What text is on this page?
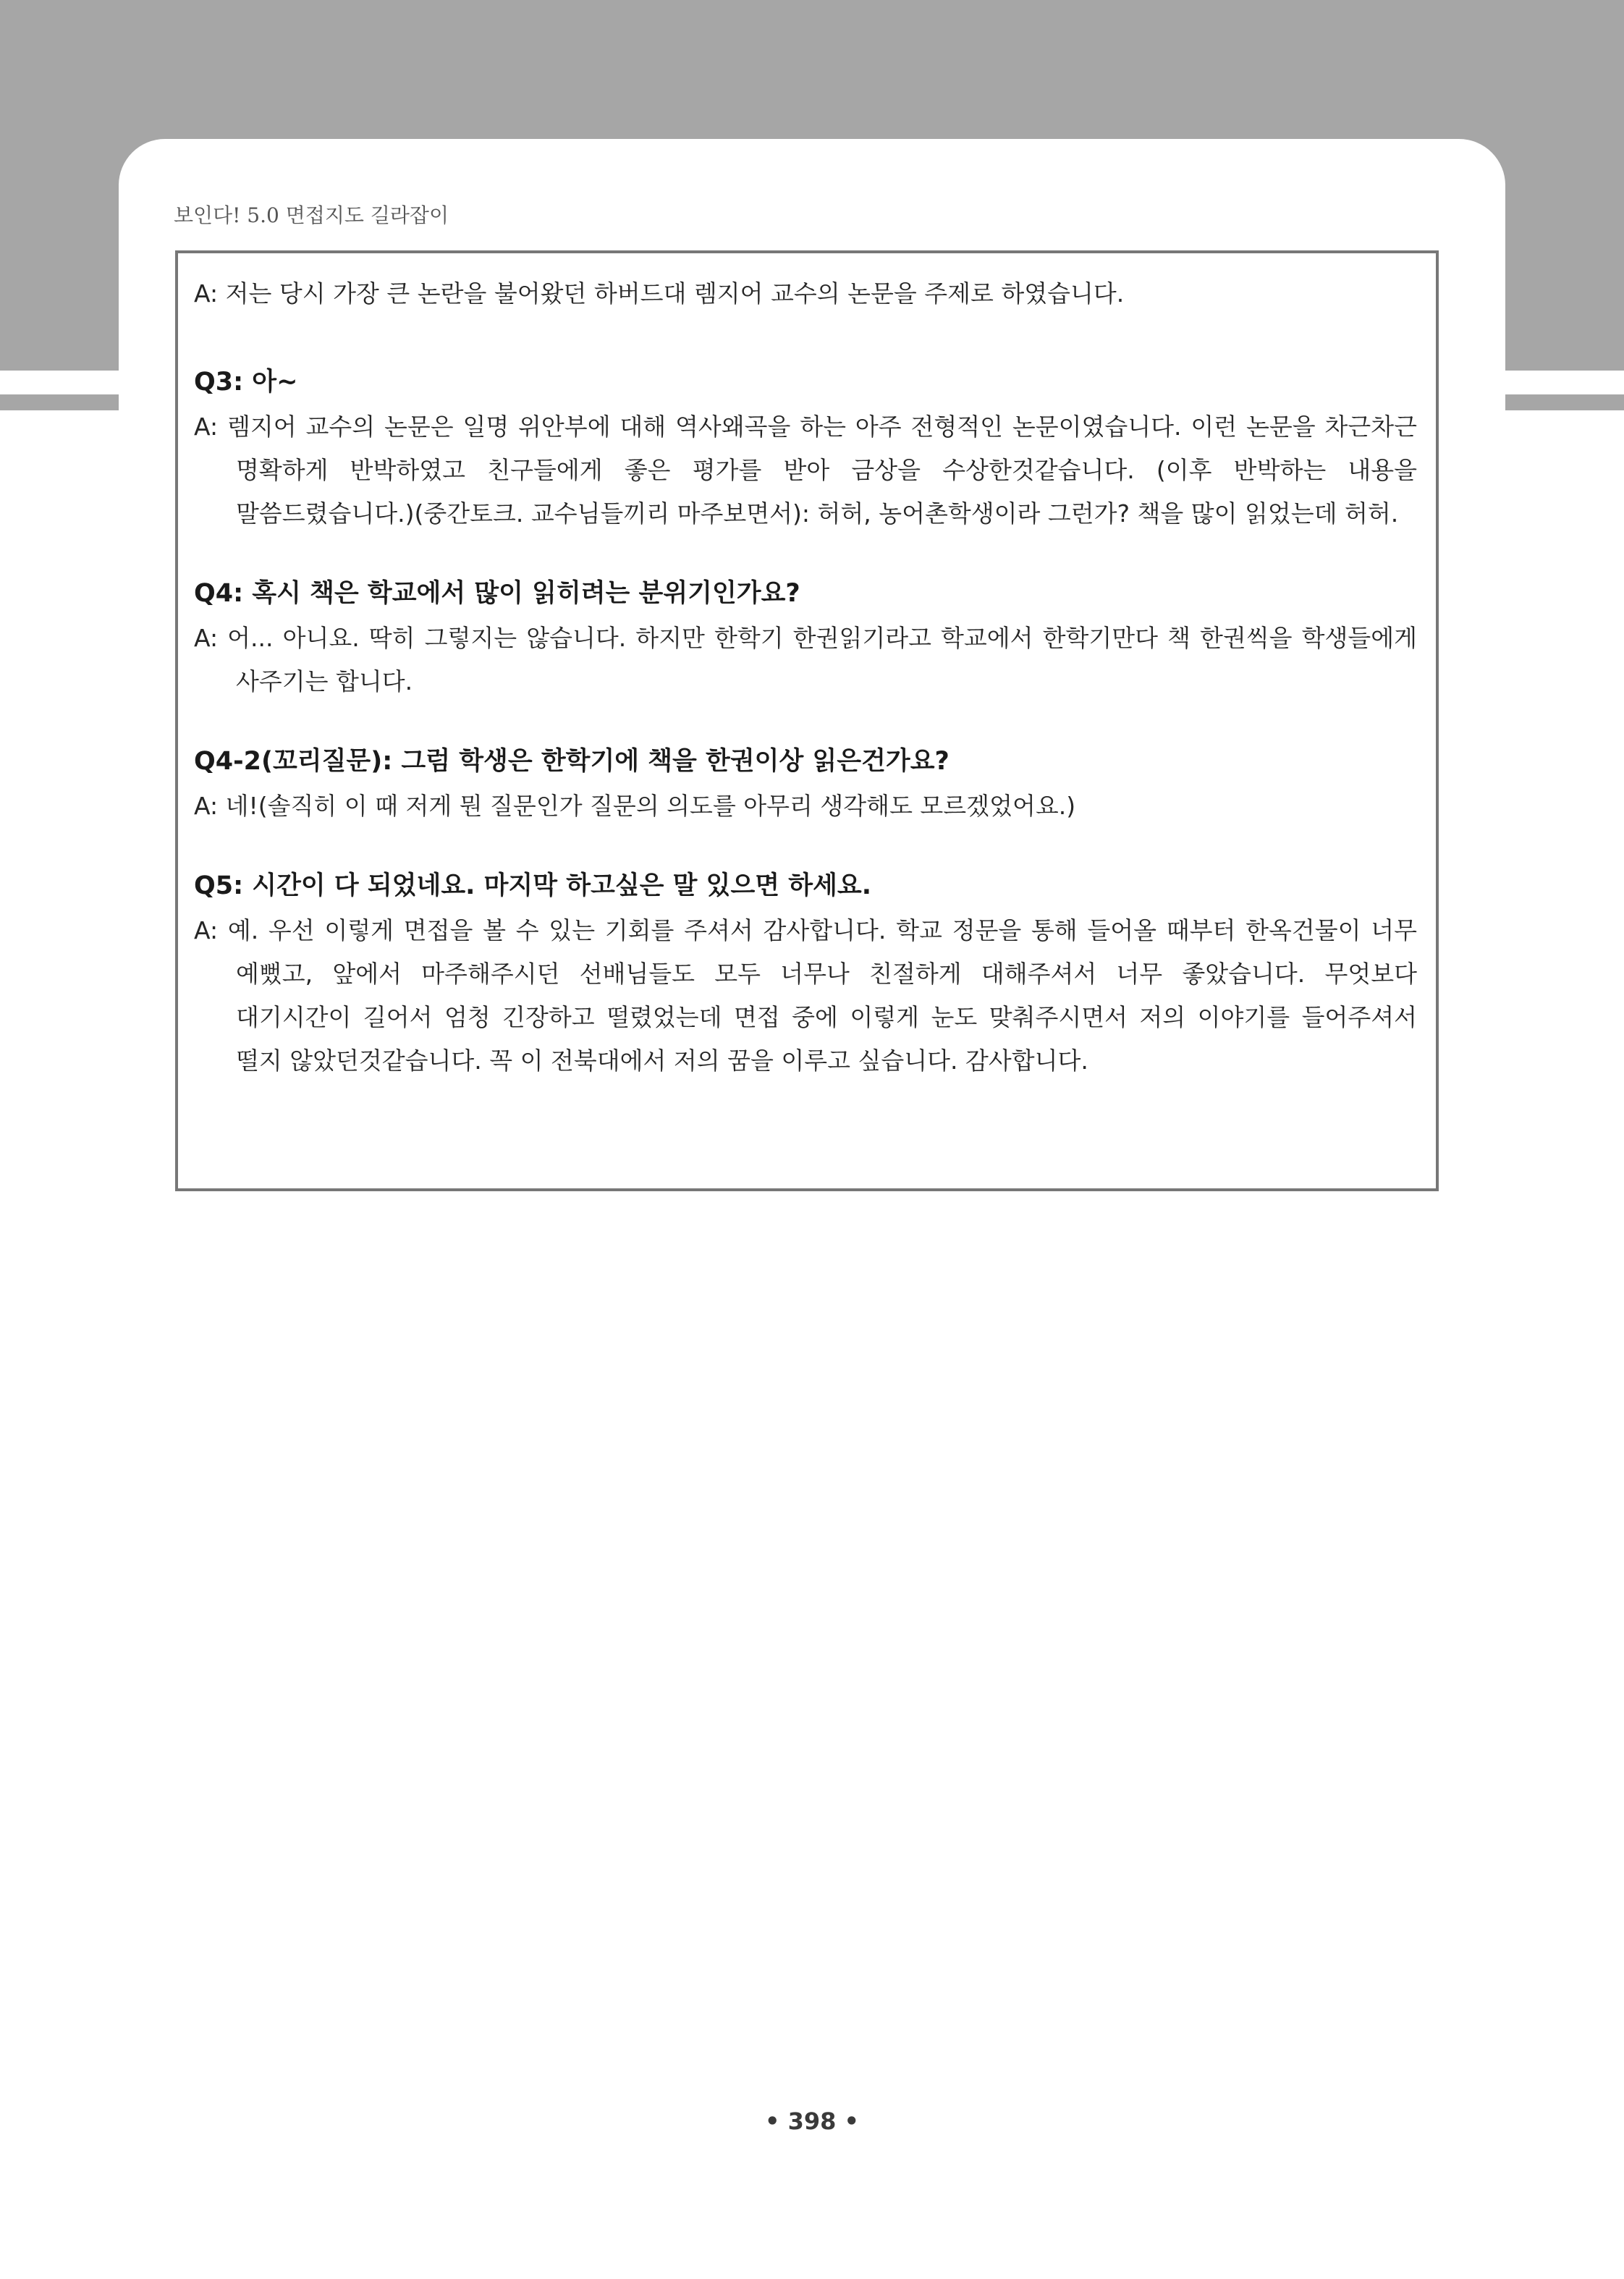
보인다! 5.0 면접지도 길라잡이
A: 저는 당시 가장 큰 논란을 불어왔던 하버드대 렘지어 교수의 논문을 주제로 하였습니다.
Q3: 아~
A: 렘지어 교수의 논문은 일명 위안부에 대해 역사왜곡을 하는 아주 전형적인 논문이였습니다. 이런 논문을 차근차근 명확하게 반박하였고 친구들에게 좋은 평가를 받아 금상을 수상한것같습니다. (이후 반박하는 내용을 말씀드렸습니다.)(중간토크. 교수님들끼리 마주보면서): 허허, 농어촌학생이라 그런가? 책을 많이 읽었는데 허허.
Q4: 혹시 책은 학교에서 많이 읽히려는 분위기인가요?
A: 어... 아니요. 딱히 그렇지는 않습니다. 하지만 한학기 한권읽기라고 학교에서 한학기만다 책 한권씩을 학생들에게 사주기는 합니다.
Q4-2(꼬리질문): 그럼 학생은 한학기에 책을 한권이상 읽은건가요?
A: 네!(솔직히 이 때 저게 뭔 질문인가 질문의 의도를 아무리 생각해도 모르겠었어요.)
Q5: 시간이 다 되었네요. 마지막 하고싶은 말 있으면 하세요.
A: 예. 우선 이렇게 면접을 볼 수 있는 기회를 주셔서 감사합니다. 학교 정문을 통해 들어올 때부터 한옥건물이 너무 예뻤고, 앞에서 마주해주시던 선배님들도 모두 너무나 친절하게 대해주셔서 너무 좋았습니다. 무엇보다 대기시간이 길어서 엄청 긴장하고 떨렸었는데 면접 중에 이렇게 눈도 맞춰주시면서 저의 이야기를 들어주셔서 떨지 않았던것같습니다. 꼭 이 전북대에서 저의 꿈을 이루고 싶습니다. 감사합니다.
• 398 •
